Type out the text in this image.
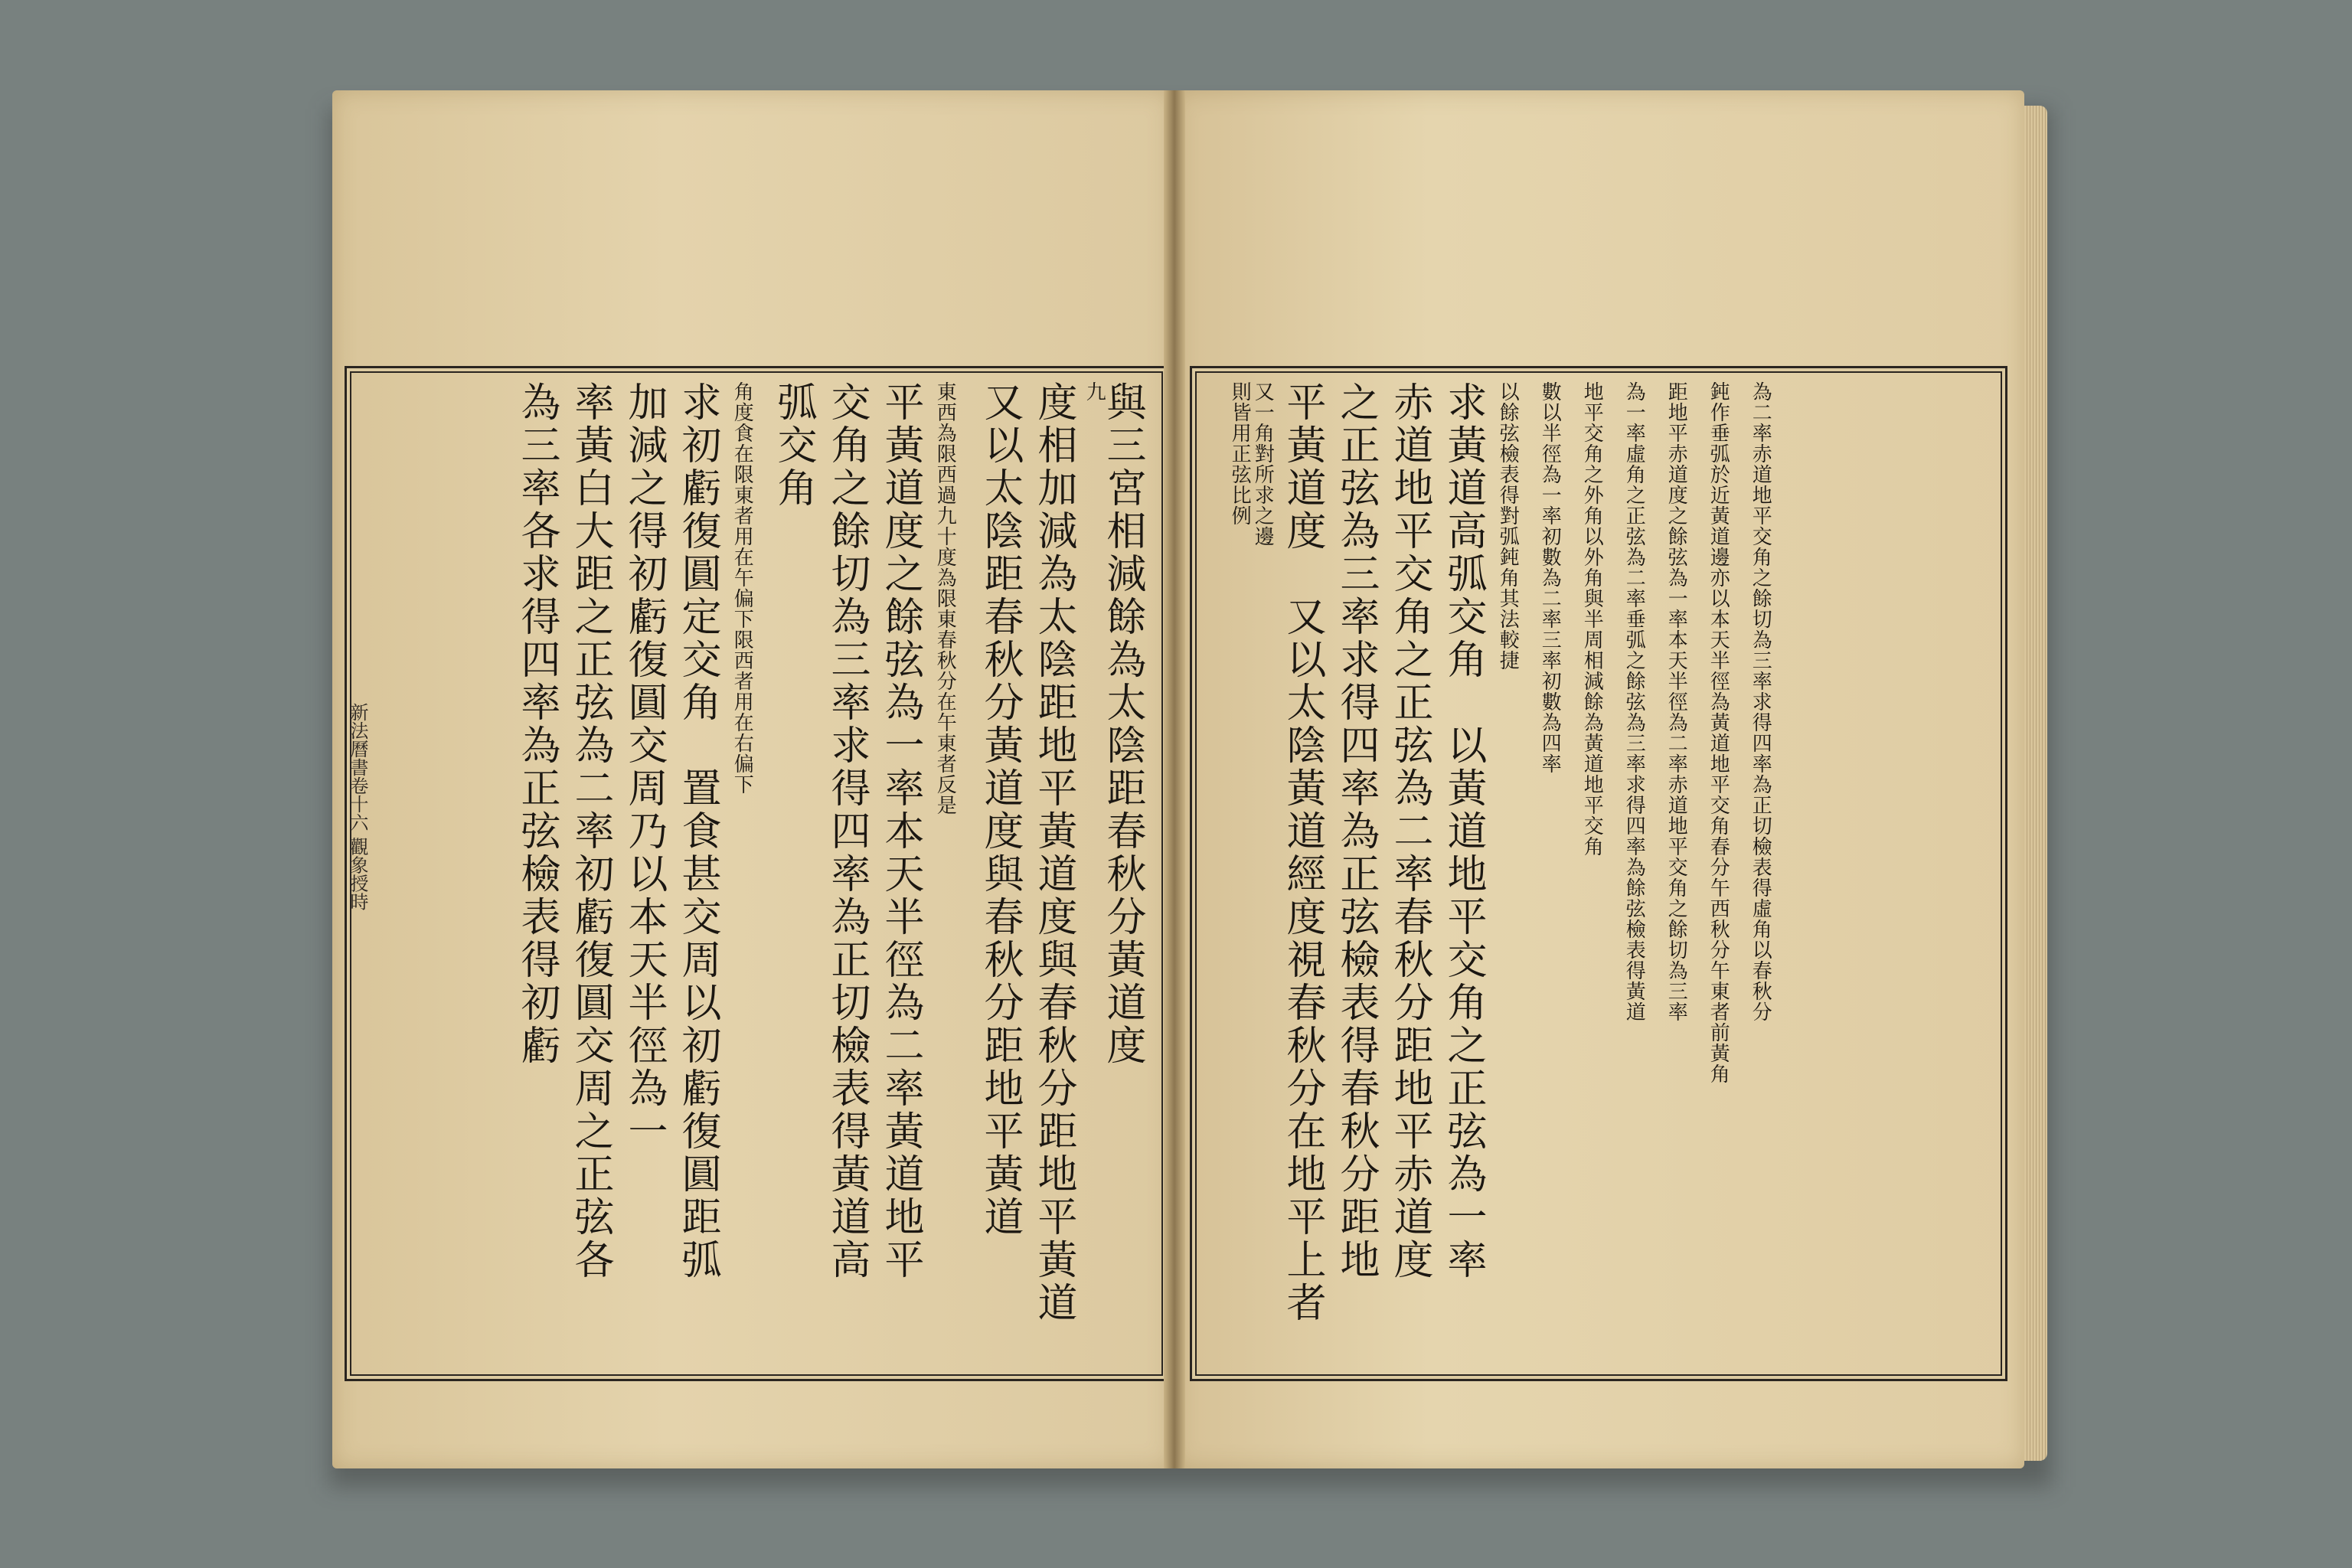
與三宮相減餘為太陰距春秋分黃道度
九
度相加減為太陰距地平黃道度與春秋分距地平黃道
又以太陰距春秋分黃道度與春秋分距地平黃道
東西為限西過九十度為限東春秋分在午東者反是
平黃道度之餘弦為一率本天半徑為二率黃道地平
交角之餘切為三率求得四率為正切檢表得黃道高
弧交角
角度食在限東者用在午偏下限西者用在右偏下
求初虧復圓定交角　置食甚交周以初虧復圓距弧
加減之得初虧復圓交周乃以本天半徑為一
率黃白大距之正弦為二率初虧復圓交周之正弦各
為三率各求得四率為正弦檢表得初虧
新法曆書卷十六 觀象授時
則皆用正弦比例 又一角對所求之邊 平黃道度　又以太陰黃道經度視春秋分在地平上者 之正弦為三率求得四率為正弦檢表得春秋分距地 赤道地平交角之正弦為二率春秋分距地平赤道度 求黃道高弧交角　以黃道地平交角之正弦為一率 以餘弦檢表得對弧鈍角其法較捷 數以半徑為一率初數為二率三率初數為四率 地平交角之外角以外角與半周相減餘為黃道地平交角 為一率虛角之正弦為二率垂弧之餘弦為三率求得四率為餘弦檢表得黃道 距地平赤道度之餘弦為一率本天半徑為二率赤道地平交角之餘切為三率 鈍作垂弧於近黃道邊亦以本天半徑為黃道地平交角春分午西秋分午東者前黃角 為二率赤道地平交角之餘切為三率求得四率為正切檢表得虛角以春秋分
